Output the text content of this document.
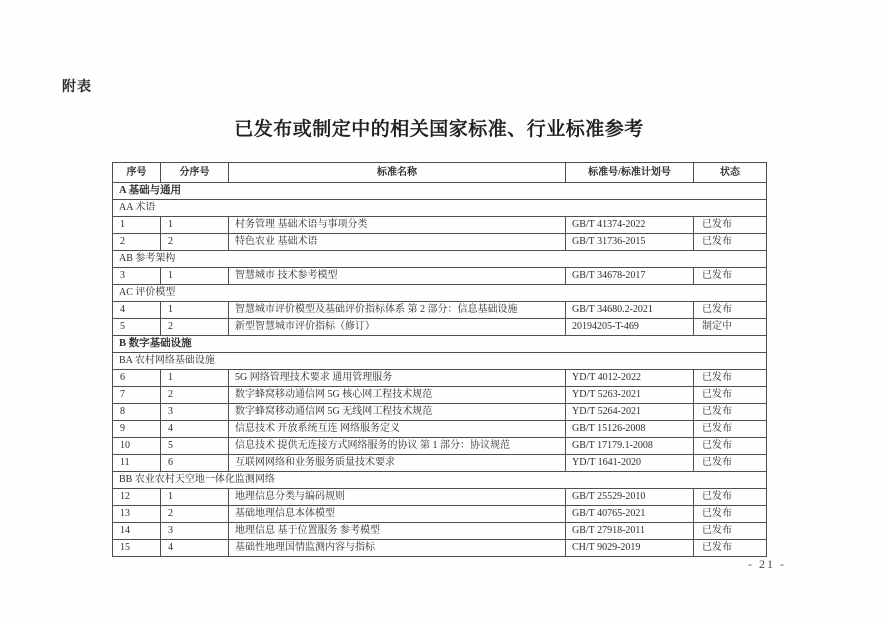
附表
已发布或制定中的相关国家标准、行业标准参考
序号	分序号	标准名称	标准号/标准计划号	状态
A 基础与通用				
AA 术语				
1	1	村务管理 基础术语与事项分类	GB/T 41374-2022	已发布
2	2	特色农业 基础术语	GB/T 31736-2015	已发布
AB 参考架构				
3	1	智慧城市 技术参考模型	GB/T 34678-2017	已发布
AC 评价模型				
4	1	智慧城市评价模型及基础评价指标体系 第 2 部分：信息基础设施	GB/T 34680.2-2021	已发布
5	2	新型智慧城市评价指标（修订）	20194205-T-469	制定中
B 数字基础设施				
BA 农村网络基础设施				
6	1	5G 网络管理技术要求 通用管理服务	YD/T 4012-2022	已发布
7	2	数字蜂窝移动通信网 5G 核心网工程技术规范	YD/T 5263-2021	已发布
8	3	数字蜂窝移动通信网 5G 无线网工程技术规范	YD/T 5264-2021	已发布
9	4	信息技术 开放系统互连 网络服务定义	GB/T 15126-2008	已发布
10	5	信息技术 提供无连接方式网络服务的协议 第 1 部分：协议规范	GB/T 17179.1-2008	已发布
11	6	互联网网络和业务服务质量技术要求	YD/T 1641-2020	已发布
BB 农业农村天空地一体化监测网络				
12	1	地理信息分类与编码规则	GB/T 25529-2010	已发布
13	2	基础地理信息本体模型	GB/T 40765-2021	已发布
14	3	地理信息 基于位置服务 参考模型	GB/T 27918-2011	已发布
15	4	基础性地理国情监测内容与指标	CH/T 9029-2019	已发布
- 21 -
